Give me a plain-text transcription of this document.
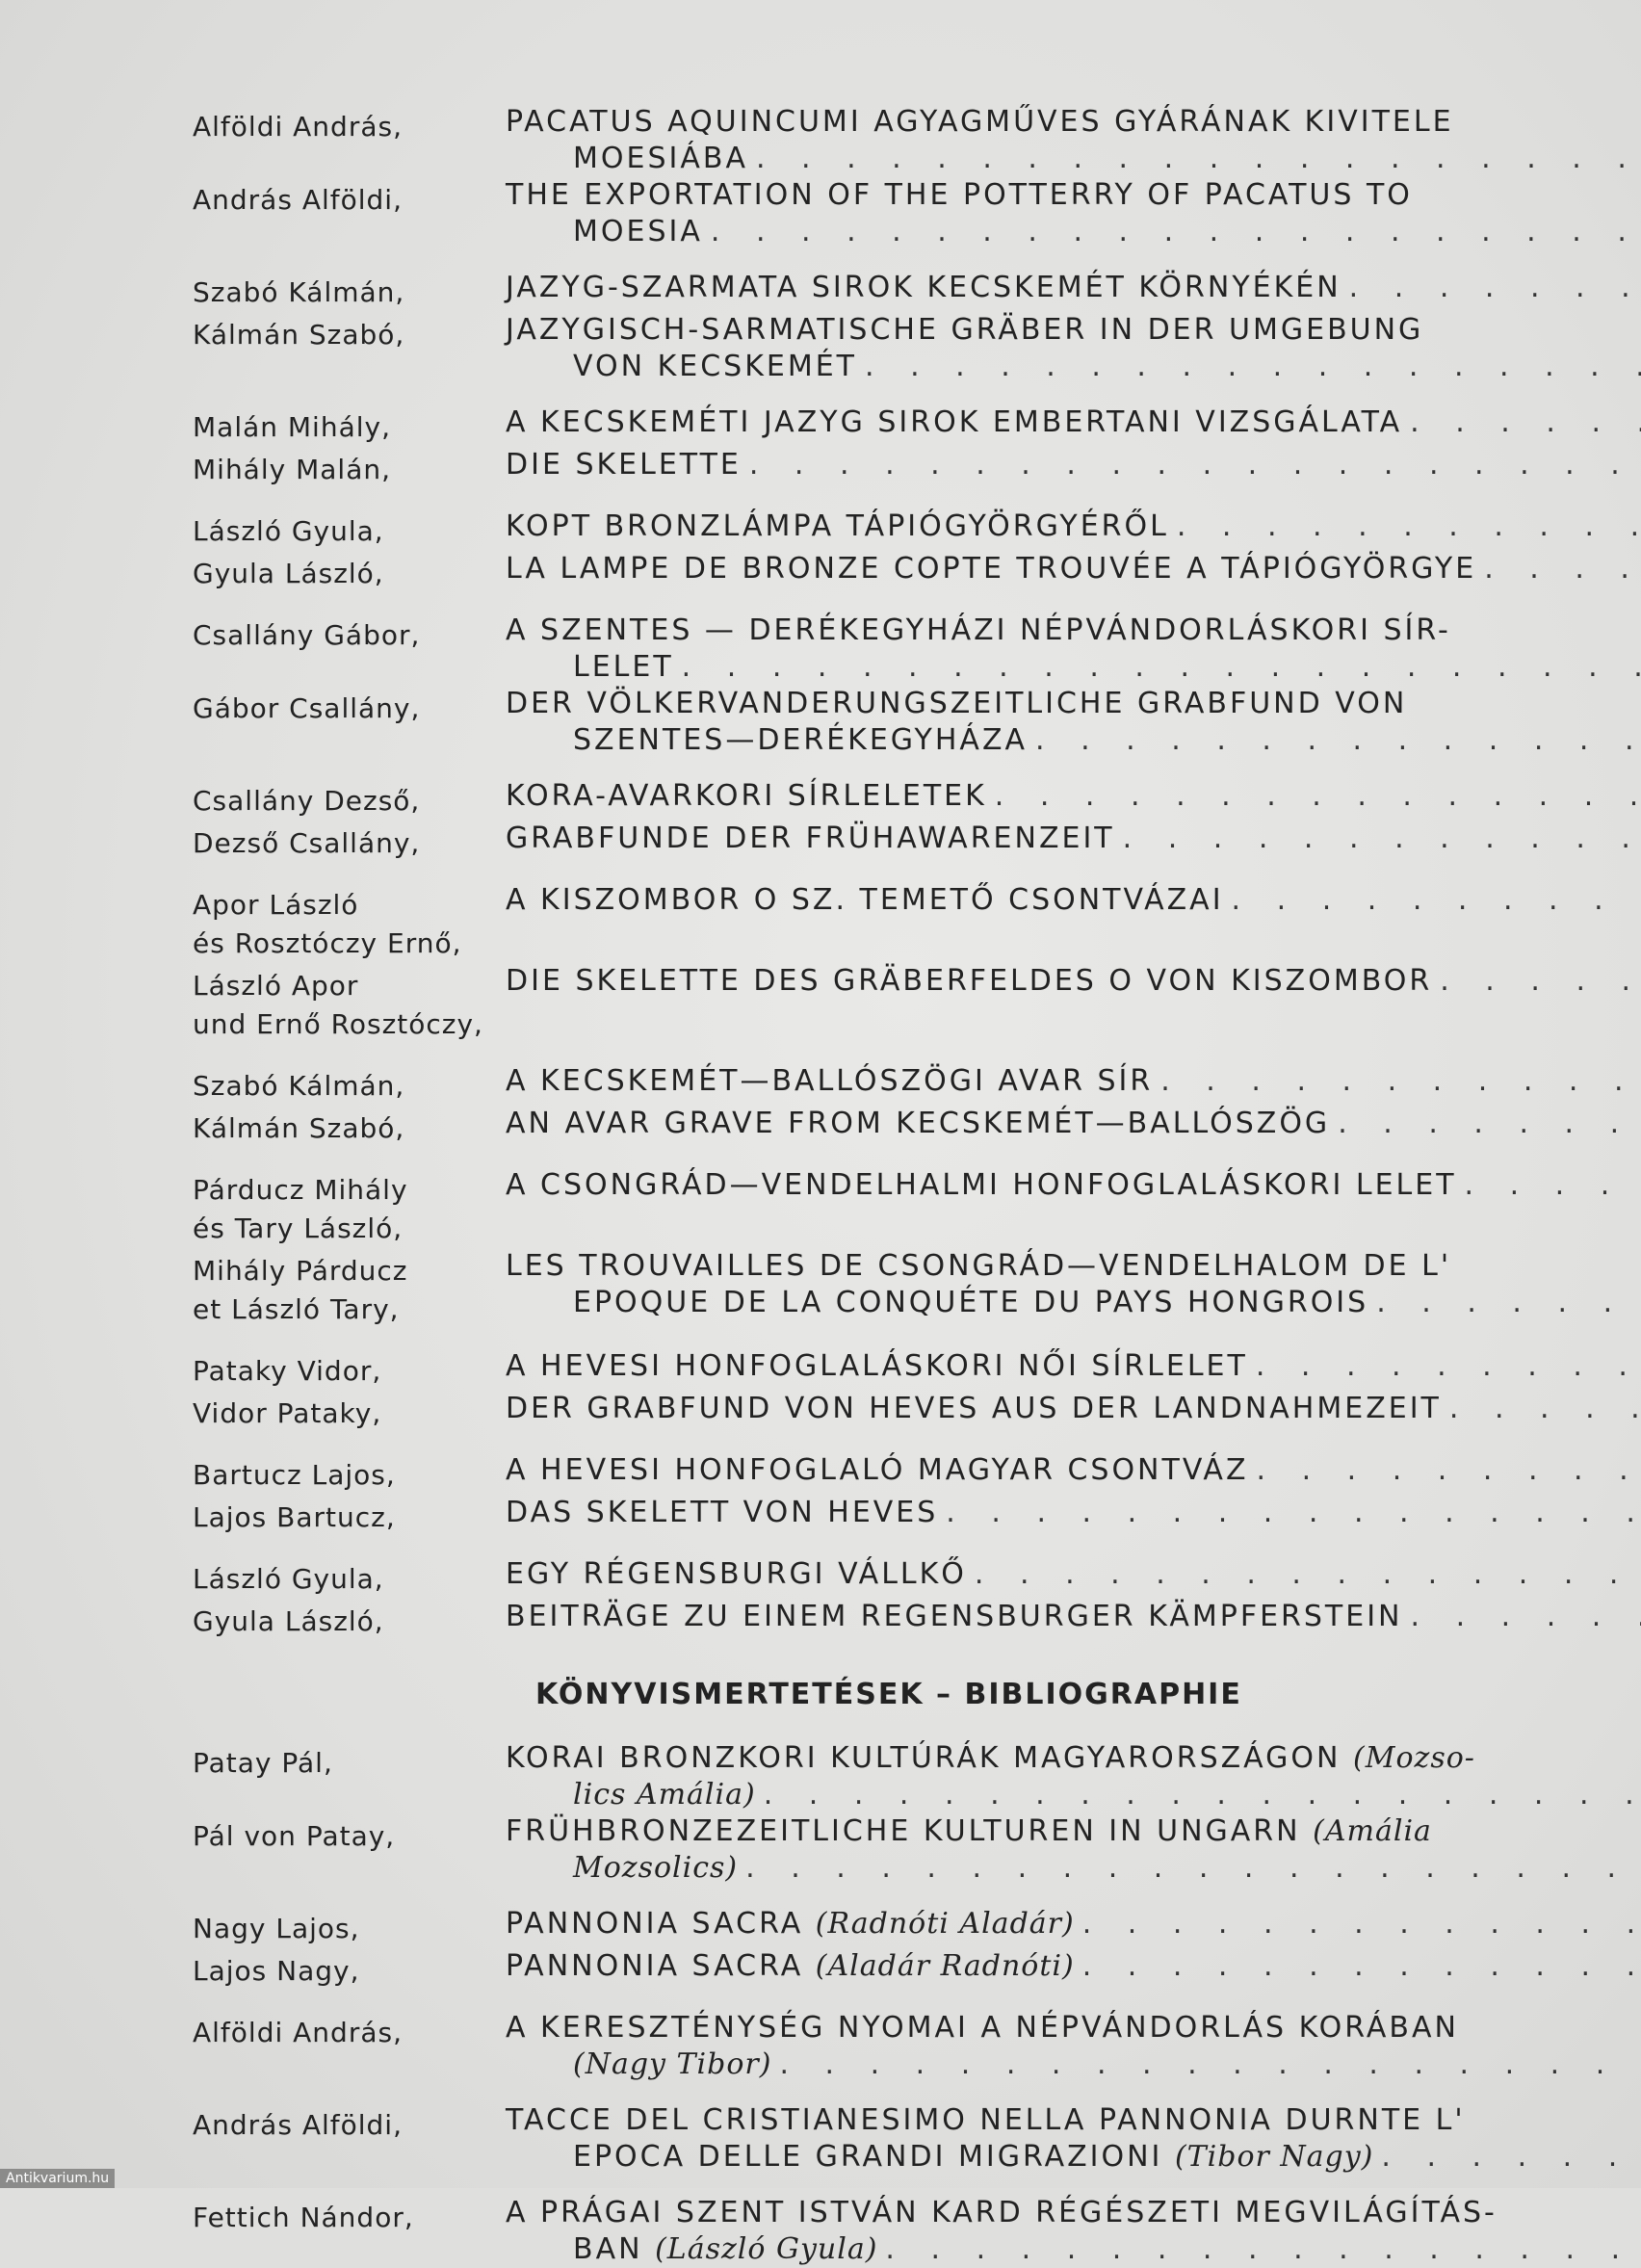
Alföldi András,	PACATUS AQUINCUMI AGYAGMŰVES GYÁRÁNAK KIVITELE
MOESIÁBA
. . .
András Alföldi,	THE EXPORTATION OF THE POTTERRY OF PACATUS TO
MOESIA
. . .
Szabó Kálmán,	JAZYG-SZARMATA SIROK KECSKEMÉT KÖRNYÉKÉN
. . .
Kálmán Szabó,	JAZYGISCH-SARMATISCHE GRÄBER IN DER UMGEBUNG
VON KECSKEMÉT
. . .
Malán Mihály,	A KECSKEMÉTI JAZYG SIROK EMBERTANI VIZSGÁLATA
. . .
Mihály Malán,	DIE SKELETTE
. . .
László Gyula,	KOPT BRONZLÁMPA TÁPIÓGYÖRGYÉRŐL
. . .
Gyula László,	LA LAMPE DE BRONZE COPTE TROUVÉE A TÁPIÓGYÖRGYE
. . .
Csallány Gábor,	A SZENTES — DERÉKEGYHÁZI NÉPVÁNDORLÁSKORI SÍR-
LELET
. . .
Gábor Csallány,	DER VÖLKERVANDERUNGSZEITLICHE GRABFUND VON
SZENTES—DERÉKEGYHÁZA
. . .
Csallány Dezső,	KORA-AVARKORI SÍRLELETEK
. . .
Dezső Csallány,	GRABFUNDE DER FRÜHAWARENZEIT
. . .
Apor László
és Rosztóczy Ernő,
A KISZOMBOR O SZ. TEMETŐ CSONTVÁZAI
. . .
László Apor
und Ernő Rosztóczy,
DIE SKELETTE DES GRÄBERFELDES O VON KISZOMBOR
. . .
Szabó Kálmán,	A KECSKEMÉT—BALLÓSZÖGI AVAR SÍR
. . .
Kálmán Szabó,	AN AVAR GRAVE FROM KECSKEMÉT—BALLÓSZÖG
. . .
Párducz Mihály
és Tary László,
A CSONGRÁD—VENDELHALMI HONFOGLALÁSKORI LELET
. . .
Mihály Párducz
et László Tary,
LES TROUVAILLES DE CSONGRÁD—VENDELHALOM DE L'
EPOQUE DE LA CONQUÉTE DU PAYS HONGROIS
. . .
Pataky Vidor,	A HEVESI HONFOGLALÁSKORI NŐI SÍRLELET
. . .
Vidor Pataky,	DER GRABFUND VON HEVES AUS DER LANDNAHMEZEIT
. . .
Bartucz Lajos,	A HEVESI HONFOGLALÓ MAGYAR CSONTVÁZ
. . .
Lajos Bartucz,	DAS SKELETT VON HEVES
. . .
László Gyula,	EGY RÉGENSBURGI VÁLLKŐ
. . .
Gyula László,	BEITRÄGE ZU EINEM REGENSBURGER KÄMPFERSTEIN
. . .
KÖNYVISMERTETÉSEK – BIBLIOGRAPHIE
Patay Pál,	KORAI BRONZKORI KULTÚRÁK MAGYARORSZÁGON (Mozso-
lics Amália)
. . .
Pál von Patay,	FRÜHBRONZEZEITLICHE KULTUREN IN UNGARN (Amália
Mozsolics)
. . .
Nagy Lajos,	PANNONIA SACRA (Radnóti Aladár)
. . .
Lajos Nagy,	PANNONIA SACRA (Aladár Radnóti)
. . .
Alföldi András,	A KERESZTÉNYSÉG NYOMAI A NÉPVÁNDORLÁS KORÁBAN
(Nagy Tibor)
. . .
András Alföldi,	TACCE DEL CRISTIANESIMO NELLA PANNONIA DURNTE L'
EPOCA DELLE GRANDI MIGRAZIONI (Tibor Nagy)
. . .
Fettich Nándor,	A PRÁGAI SZENT ISTVÁN KARD RÉGÉSZETI MEGVILÁGÍTÁS-
BAN (László Gyula)
. . .
Antikvarium.hu
